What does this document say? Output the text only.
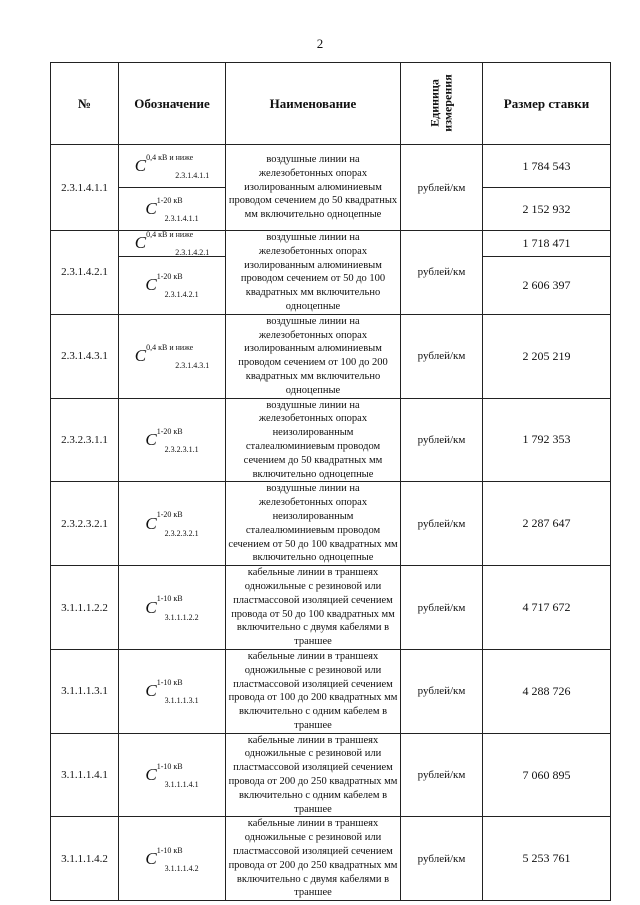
2
№	Обозначение	Наименование	Единица
измерения	Размер ставки
2.3.1.4.1.1	$C^{0,4 кВ и ниже}_{2.3.1.4.1.1}$	воздушные линии на железобетонных опорах изолированным алюминиевым проводом сечением до 50 квадратных мм включительно одноцепные	рублей/км	1 784 543
	$C^{1-20 кВ}_{2.3.1.4.1.1}$			2 152 932
2.3.1.4.2.1	$C^{0,4 кВ и ниже}_{2.3.1.4.2.1}$	воздушные линии на железобетонных опорах изолированным алюминиевым проводом сечением от 50 до 100 квадратных мм включительно одноцепные	рублей/км	1 718 471
	$C^{1-20 кВ}_{2.3.1.4.2.1}$			2 606 397
2.3.1.4.3.1	$C^{0,4 кВ и ниже}_{2.3.1.4.3.1}$	воздушные линии на железобетонных опорах изолированным алюминиевым проводом сечением от 100 до 200 квадратных мм включительно одноцепные	рублей/км	2 205 219
2.3.2.3.1.1	$C^{1-20 кВ}_{2.3.2.3.1.1}$	воздушные линии на железобетонных опорах неизолированным сталеалюминиевым проводом сечением до 50 квадратных мм включительно одноцепные	рублей/км	1 792 353
2.3.2.3.2.1	$C^{1-20 кВ}_{2.3.2.3.2.1}$	воздушные линии на железобетонных опорах неизолированным сталеалюминиевым проводом сечением от 50 до 100 квадратных мм включительно одноцепные	рублей/км	2 287 647
3.1.1.1.2.2	$C^{1-10 кВ}_{3.1.1.1.2.2}$	кабельные линии в траншеях одножильные с резиновой или пластмассовой изоляцией сечением провода от 50 до 100 квадратных мм включительно с двумя кабелями в траншее	рублей/км	4 717 672
3.1.1.1.3.1	$C^{1-10 кВ}_{3.1.1.1.3.1}$	кабельные линии в траншеях одножильные с резиновой или пластмассовой изоляцией сечением провода от 100 до 200 квадратных мм включительно с одним кабелем в траншее	рублей/км	4 288 726
3.1.1.1.4.1	$C^{1-10 кВ}_{3.1.1.1.4.1}$	кабельные линии в траншеях одножильные с резиновой или пластмассовой изоляцией сечением провода от 200 до 250 квадратных мм включительно с одним кабелем в траншее	рублей/км	7 060 895
3.1.1.1.4.2	$C^{1-10 кВ}_{3.1.1.1.4.2}$	кабельные линии в траншеях одножильные с резиновой или пластмассовой изоляцией сечением провода от 200 до 250 квадратных мм включительно с двумя кабелями в траншее	рублей/км	5 253 761
